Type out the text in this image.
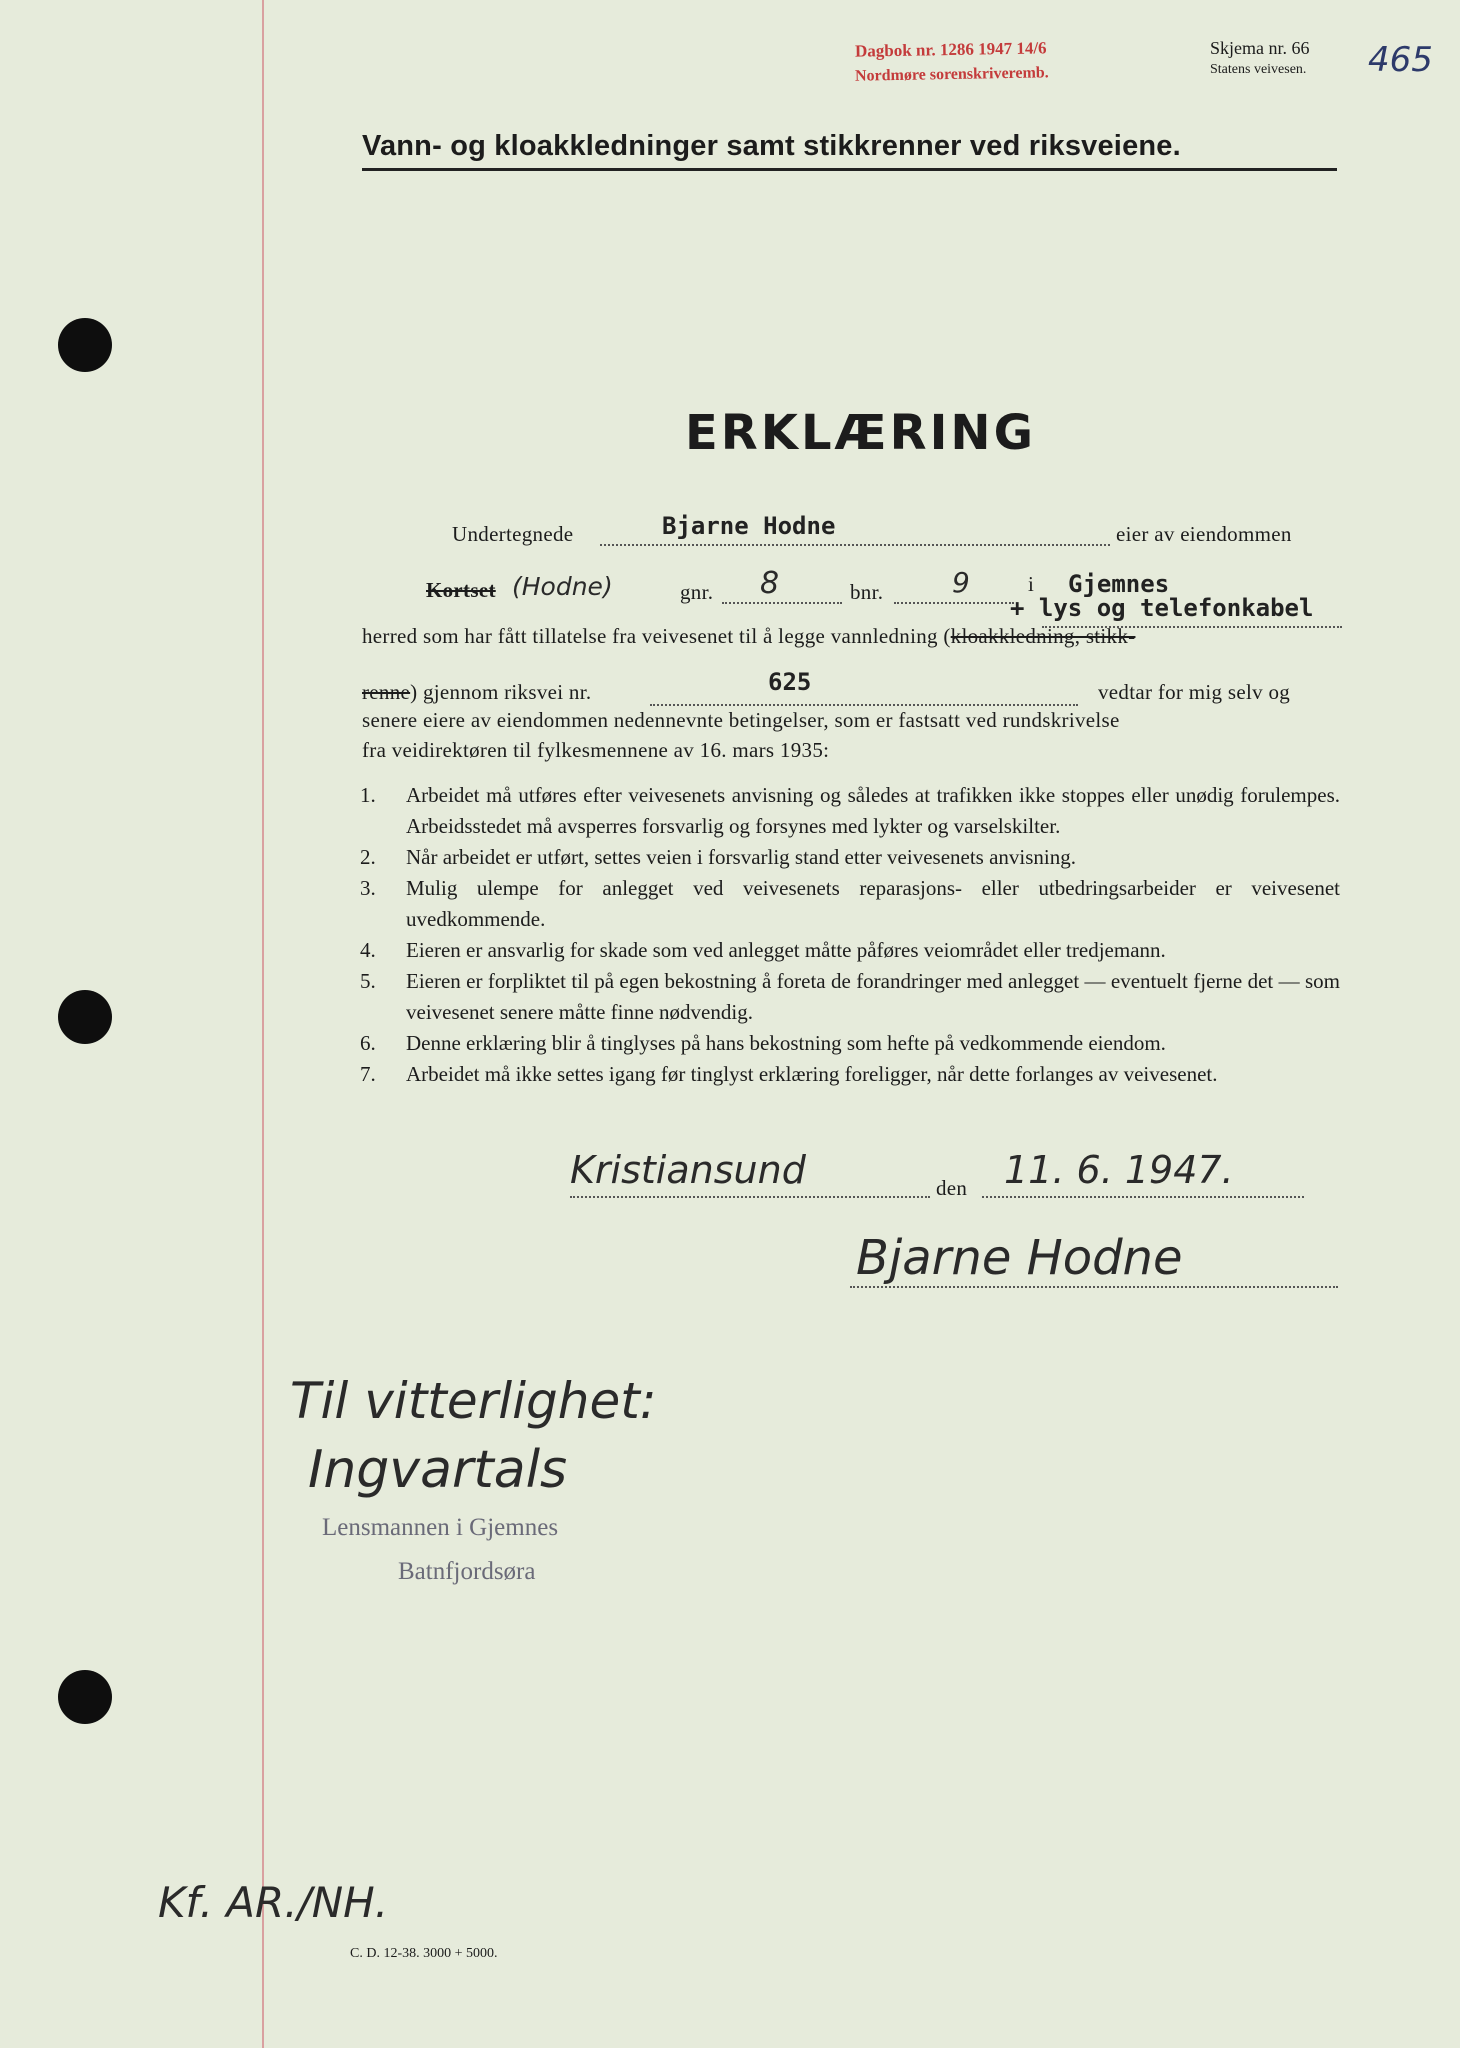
Dagbok nr. 1286 1947 14/6
Nordmøre sorenskriveremb.
Skjema nr. 66
Statens veivesen. 465
Vann- og kloakkledninger samt stikkrenner ved riksveiene.
ERKLÆRING
Undertegnede	Bjarne Hodne	eier av eiendommen
Kortset (Hodne)	gnr. 8	bnr. 9	i Gjemnes
+ lys og telefonkabel
herred som har fått tillatelse fra veivesenet til å legge vannledning (kloakkledning, stikk-
renne) gjennom riksvei nr.	625	vedtar for mig selv og
senere eiere av eiendommen nedennevnte betingelser, som er fastsatt ved rundskrivelse
fra veidirektøren til fylkesmennene av 16. mars 1935:
1. Arbeidet må utføres efter veivesenets anvisning og således at trafikken ikke stoppes eller unødig forulempes. Arbeidsstedet må avsperres forsvarlig og forsynes med lykter og varselskilter.
2. Når arbeidet er utført, settes veien i forsvarlig stand etter veivesenets anvisning.
3. Mulig ulempe for anlegget ved veivesenets reparasjons- eller utbedringsarbeider er veivesenet uvedkommende.
4. Eieren er ansvarlig for skade som ved anlegget måtte påføres veiområdet eller tredjemann.
5. Eieren er forpliktet til på egen bekostning å foreta de forandringer med anlegget — eventuelt fjerne det — som veivesenet senere måtte finne nødvendig.
6. Denne erklæring blir å tinglyses på hans bekostning som hefte på vedkommende eiendom.
7. Arbeidet må ikke settes igang før tinglyst erklæring foreligger, når dette forlanges av veivesenet.
Kristiansund	den 11. 6. 1947.
Bjarne Hodne
Til vitterlighet:
Ingvartals
Lensmannen i Gjemnes
Batnfjordsøra
Kf. AR./NH.
C. D. 12-38. 3000 + 5000.
